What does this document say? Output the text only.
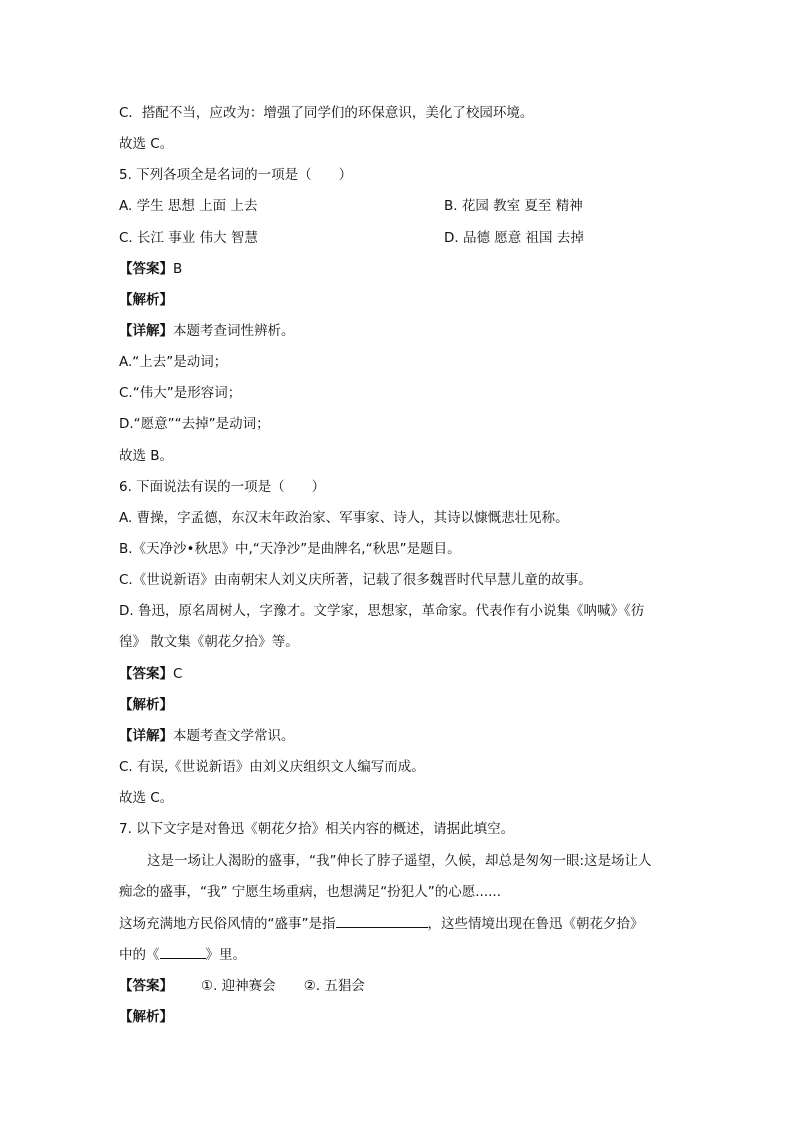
C．搭配不当，应改为：增强了同学们的环保意识，美化了校园环境。
故选 C。
5. 下列各项全是名词的一项是（　　）
A. 学生 思想 上面 上去	B. 花园 教室 夏至 精神
C. 长江 事业 伟大 智慧	D. 品德 愿意 祖国 去掉
【答案】B
【解析】
【详解】本题考查词性辨析。
A.“上去”是动词；
C.“伟大”是形容词；
D.“愿意”“去掉”是动词；
故选 B。
6. 下面说法有误的一项是（　　）
A. 曹操，字孟德，东汉末年政治家、军事家、诗人，其诗以慷慨悲壮见称。
B.《天净沙•秋思》中,“天净沙”是曲牌名,“秋思”是题目。
C.《世说新语》由南朝宋人刘义庆所著，记载了很多魏晋时代早慧儿童的故事。
D. 鲁迅，原名周树人，字豫才。文学家，思想家，革命家。代表作有小说集《呐喊》《彷
徨》 散文集《朝花夕拾》等。
【答案】C
【解析】
【详解】本题考查文学常识。
C. 有误,《世说新语》由刘义庆组织文人编写而成。
故选 C。
7. 以下文字是对鲁迅《朝花夕拾》相关内容的概述，请据此填空。
这是一场让人渴盼的盛事，“我”伸长了脖子遥望，久候，却总是匆匆一眼:这是场让人
痴念的盛事，“我” 宁愿生场重病，也想满足“扮犯人”的心愿......
这场充满地方民俗风情的“盛事”是指	，这些情境出现在鲁迅《朝花夕拾》
中的《	》里。
【答案】 ①. 迎神赛会 ②. 五猖会
【解析】
